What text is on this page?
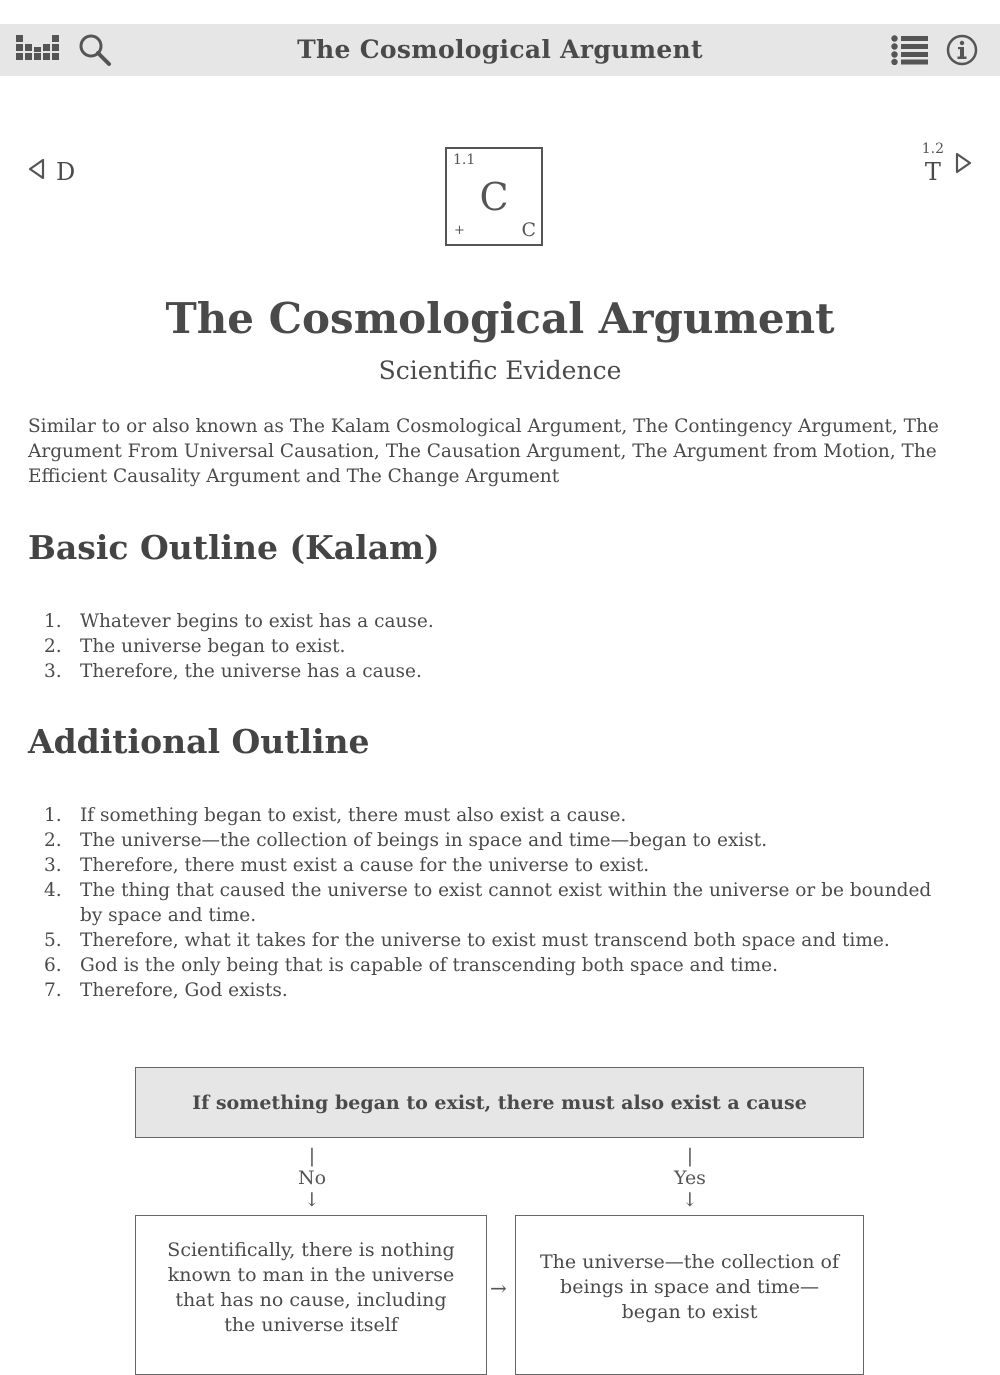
The Cosmological Argument
D
1.2
T
1.1
C
+	C
The Cosmological Argument
Scientific Evidence

Similar to or also known as The Kalam Cosmological Argument, The Contingency Argument, The Argument From Universal Causation, The Causation Argument, The Argument from Motion, The Efficient Causality Argument and The Change Argument

Basic Outline (Kalam)
1. Whatever begins to exist has a cause.
2. The universe began to exist.
3. Therefore, the universe has a cause.
Additional Outline
1. If something began to exist, there must also exist a cause.
2. The universe—the collection of beings in space and time—began to exist.
3. Therefore, there must exist a cause for the universe to exist.
4. The thing that caused the universe to exist cannot exist within the universe or be bounded by space and time.
5. Therefore, what it takes for the universe to exist must transcend both space and time.
6. God is the only being that is capable of transcending both space and time.
7. Therefore, God exists.
If something began to exist, there must also exist a cause
|
No
↓
|
Yes
↓
Scientifically, there is nothing known to man in the universe that has no cause, including the universe itself
→
The universe—the collection of beings in space and time—began to exist
